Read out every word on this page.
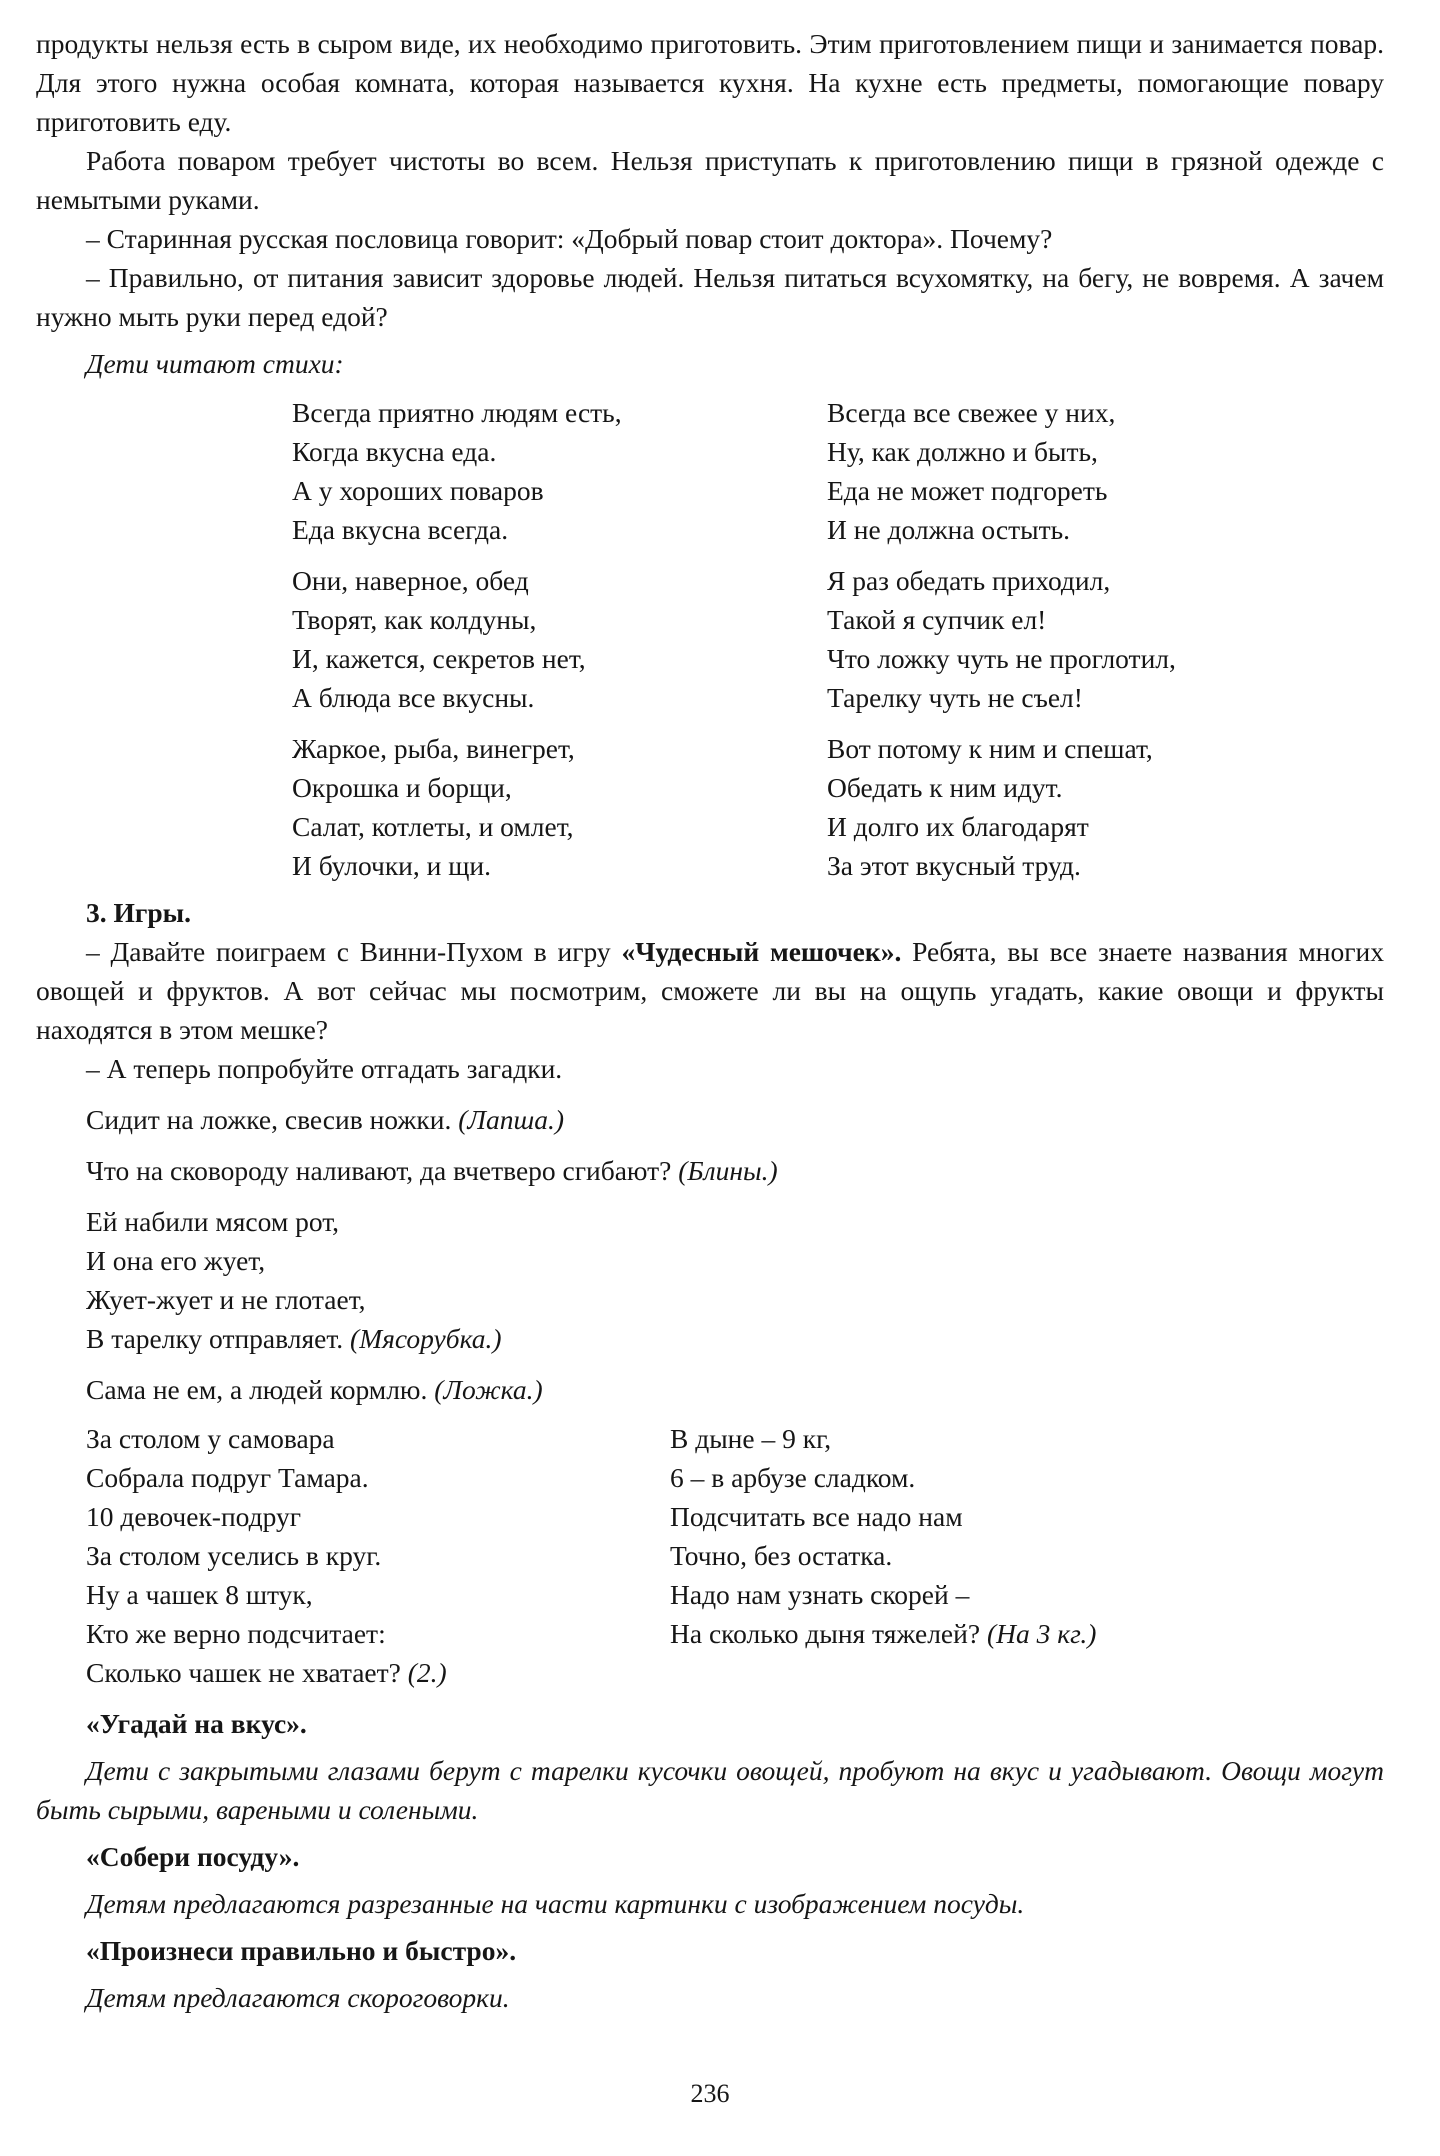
продукты нельзя есть в сыром виде, их необходимо приготовить. Этим приготовлением пищи и занимается повар. Для этого нужна особая комната, которая называется кухня. На кухне есть предметы, помогающие повару приготовить еду.

Работа поваром требует чистоты во всем. Нельзя приступать к приготовлению пищи в грязной одежде с немытыми руками.

– Старинная русская пословица говорит: «Добрый повар стоит доктора». Почему?

– Правильно, от питания зависит здоровье людей. Нельзя питаться всухомятку, на бегу, не вовремя. А зачем нужно мыть руки перед едой?

Дети читают стихи:

Всегда приятно людям есть,
Когда вкусна еда.
А у хороших поваров
Еда вкусна всегда.
Они, наверное, обед
Творят, как колдуны,
И, кажется, секретов нет,
А блюда все вкусны.
Жаркое, рыба, винегрет,
Окрошка и борщи,
Салат, котлеты, и омлет,
И булочки, и щи.
Всегда все свежее у них,
Ну, как должно и быть,
Еда не может подгореть
И не должна остыть.
Я раз обедать приходил,
Такой я супчик ел!
Что ложку чуть не проглотил,
Тарелку чуть не съел!
Вот потому к ним и спешат,
Обедать к ним идут.
И долго их благодарят
За этот вкусный труд.

3. Игры.

– Давайте поиграем с Винни-Пухом в игру «Чудесный мешочек». Ребята, вы все знаете названия многих овощей и фруктов. А вот сейчас мы посмотрим, сможете ли вы на ощупь угадать, какие овощи и фрукты находятся в этом мешке?

– А теперь попробуйте отгадать загадки.

Сидит на ложке, свесив ножки. (Лапша.)

Что на сковороду наливают, да вчетверо сгибают? (Блины.)

Ей набили мясом рот,
И она его жует,
Жует-жует и не глотает,
В тарелку отправляет. (Мясорубка.)

Сама не ем, а людей кормлю. (Ложка.)

За столом у самовара
Собрала подруг Тамара.
10 девочек-подруг
За столом уселись в круг.
Ну а чашек 8 штук,
Кто же верно подсчитает:
Сколько чашек не хватает? (2.)
В дыне – 9 кг,
6 – в арбузе сладком.
Подсчитать все надо нам
Точно, без остатка.
Надо нам узнать скорей –
На сколько дыня тяжелей? (На 3 кг.)

«Угадай на вкус».

Дети с закрытыми глазами берут с тарелки кусочки овощей, пробуют на вкус и угадывают. Овощи могут быть сырыми, вареными и солеными.

«Собери посуду».

Детям предлагаются разрезанные на части картинки с изображением посуды.

«Произнеси правильно и быстро».

Детям предлагаются скороговорки.

236
